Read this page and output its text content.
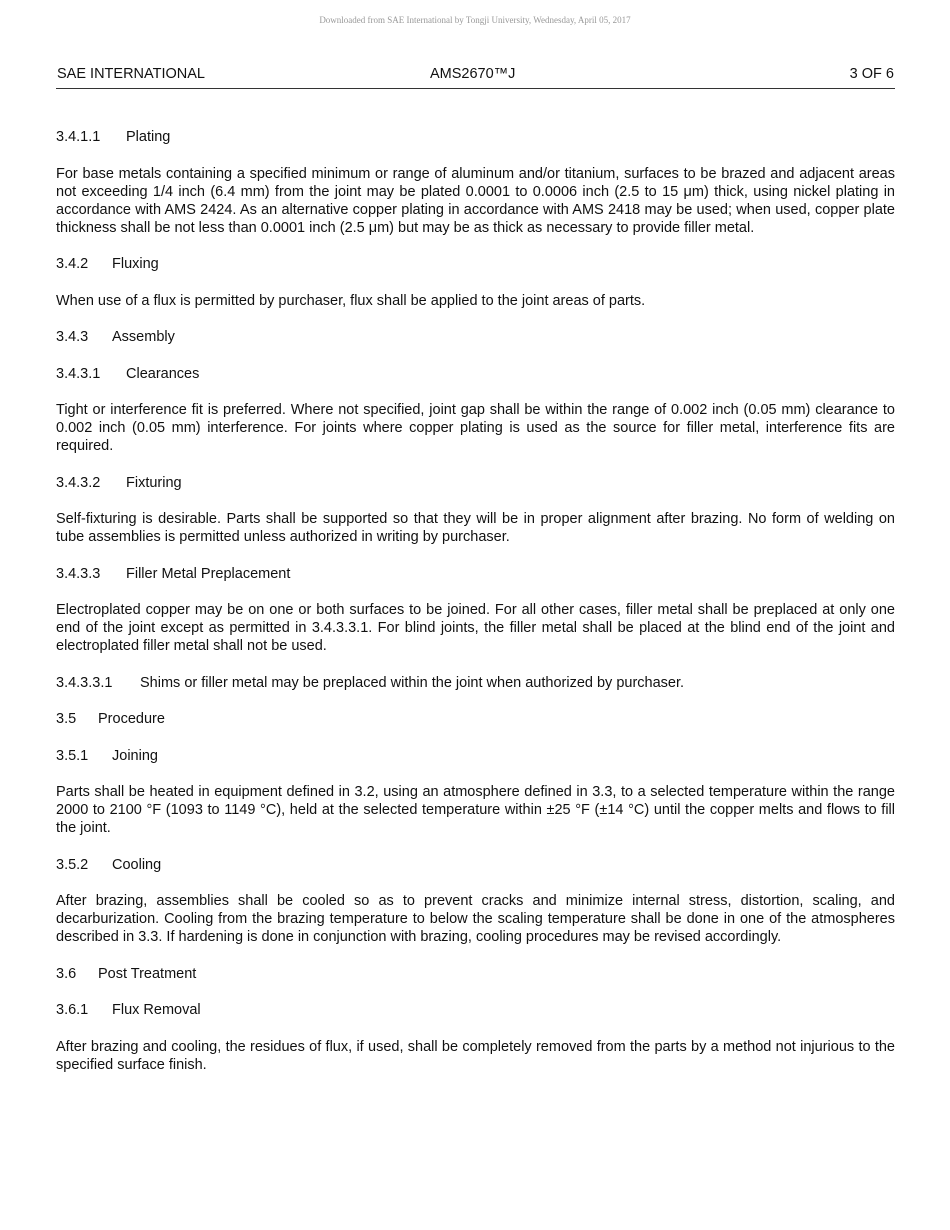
Downloaded from SAE International by Tongji University, Wednesday, April 05, 2017
SAE INTERNATIONAL	AMS2670™J	3 OF 6
3.4.1.1 Plating

For base metals containing a specified minimum or range of aluminum and/or titanium, surfaces to be brazed and adjacent areas not exceeding 1/4 inch (6.4 mm) from the joint may be plated 0.0001 to 0.0006 inch (2.5 to 15 μm) thick, using nickel plating in accordance with AMS 2424. As an alternative copper plating in accordance with AMS 2418 may be used; when used, copper plate thickness shall be not less than 0.0001 inch (2.5 μm) but may be as thick as necessary to provide filler metal.

3.4.2 Fluxing

When use of a flux is permitted by purchaser, flux shall be applied to the joint areas of parts.

3.4.3 Assembly
3.4.3.1 Clearances

Tight or interference fit is preferred. Where not specified, joint gap shall be within the range of 0.002 inch (0.05 mm) clearance to 0.002 inch (0.05 mm) interference. For joints where copper plating is used as the source for filler metal, interference fits are required.

3.4.3.2 Fixturing

Self-fixturing is desirable. Parts shall be supported so that they will be in proper alignment after brazing. No form of welding on tube assemblies is permitted unless authorized in writing by purchaser.

3.4.3.3 Filler Metal Preplacement

Electroplated copper may be on one or both surfaces to be joined. For all other cases, filler metal shall be preplaced at only one end of the joint except as permitted in 3.4.3.3.1. For blind joints, the filler metal shall be placed at the blind end of the joint and electroplated filler metal shall not be used.

3.4.3.3.1 Shims or filler metal may be preplaced within the joint when authorized by purchaser.
3.5 Procedure
3.5.1 Joining

Parts shall be heated in equipment defined in 3.2, using an atmosphere defined in 3.3, to a selected temperature within the range 2000 to 2100 °F (1093 to 1149 °C), held at the selected temperature within ±25 °F (±14 °C) until the copper melts and flows to fill the joint.

3.5.2 Cooling

After brazing, assemblies shall be cooled so as to prevent cracks and minimize internal stress, distortion, scaling, and decarburization. Cooling from the brazing temperature to below the scaling temperature shall be done in one of the atmospheres described in 3.3. If hardening is done in conjunction with brazing, cooling procedures may be revised accordingly.

3.6 Post Treatment
3.6.1 Flux Removal

After brazing and cooling, the residues of flux, if used, shall be completely removed from the parts by a method not injurious to the specified surface finish.
